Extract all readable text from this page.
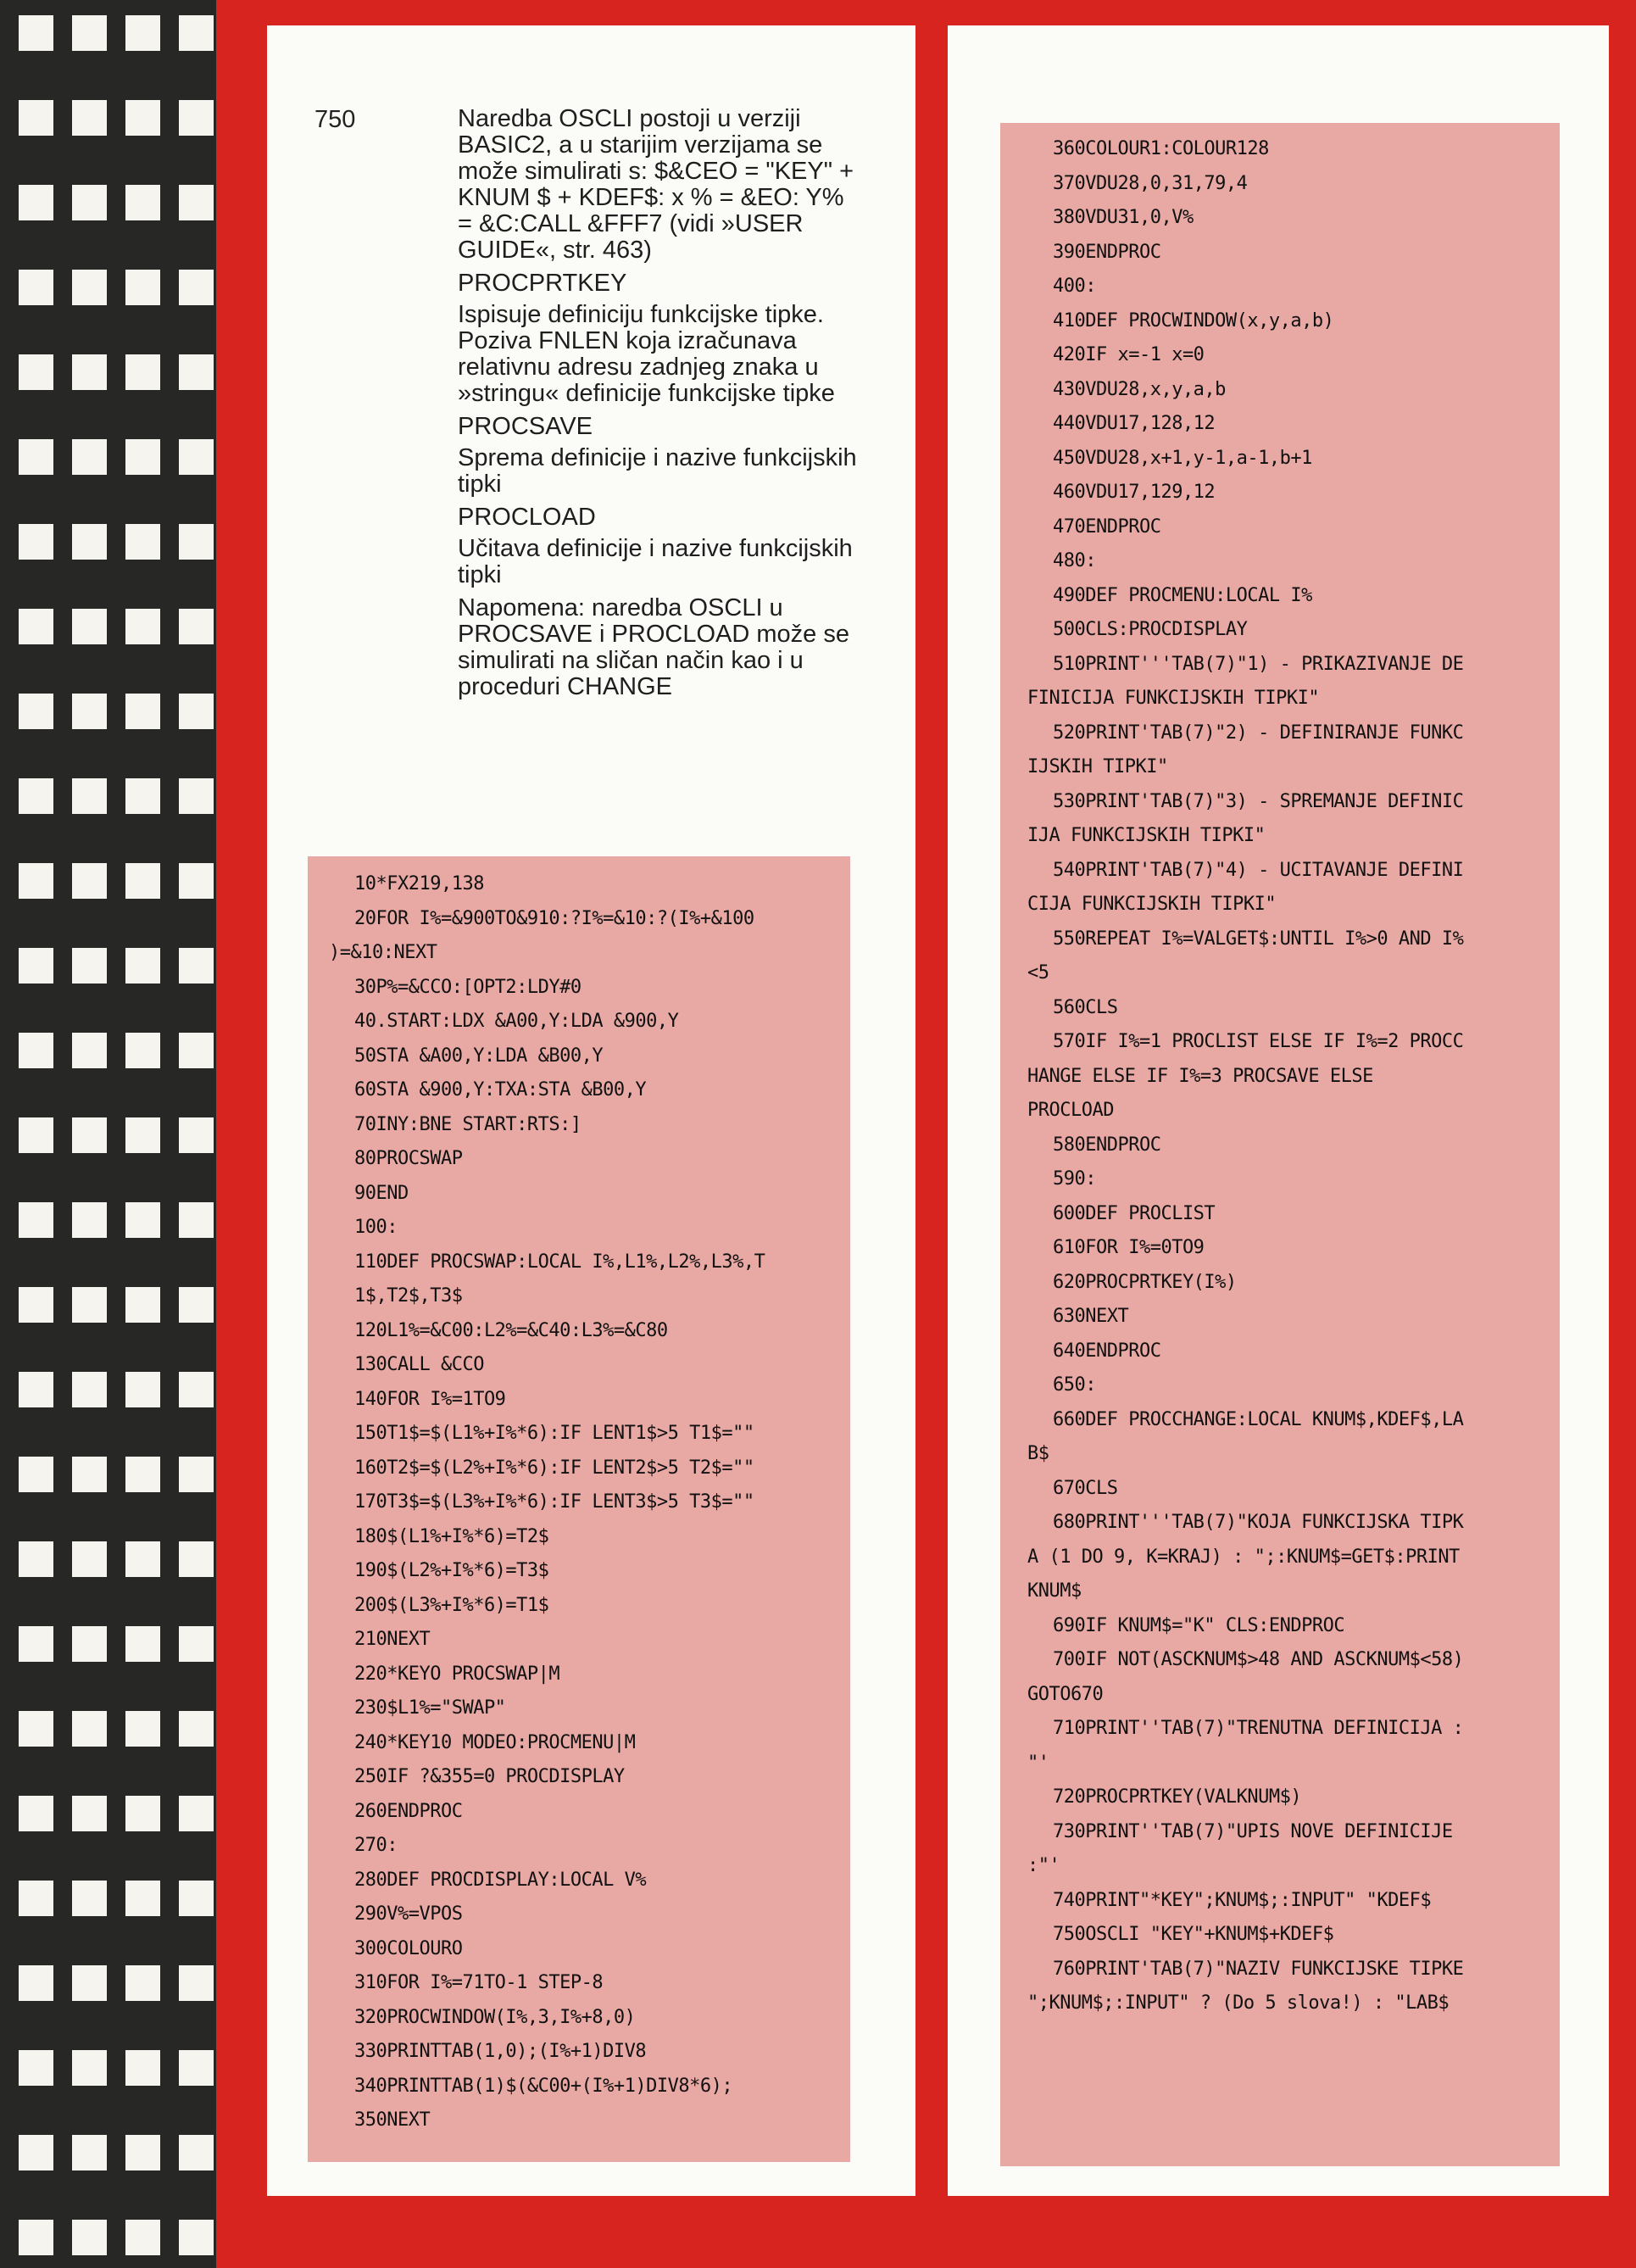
750	Naredba OSCLI postoji u verziji BASIC2, a u starijim verzijama se može simulirati s: $&CEO = "KEY" + KNUM $ + KDEF$: x % = &EO: Y% = &C:CALL &FFF7 (vidi »USER GUIDE«, str. 463)

PROCPRTKEY

Ispisuje definiciju funkcijske tipke. Poziva FNLEN koja izračunava relativnu adresu zadnjeg znaka u »stringu« definicije funkcijske tipke

PROCSAVE

Sprema definicije i nazive funkcijskih tipki

PROCLOAD

Učitava definicije i nazive funkcijskih tipki

Napomena: naredba OSCLI u PROCSAVE i PROCLOAD može se simulirati na sličan način kao i u proceduri CHANGE

10*FX219,138
20FOR I%=&900TO&910:?I%=&10:?(I%+&100
)=&10:NEXT
30P%=&CCO:[OPT2:LDY#0
40.START:LDX &A00,Y:LDA &900,Y
50STA &A00,Y:LDA &B00,Y
60STA &900,Y:TXA:STA &B00,Y
70INY:BNE START:RTS:]
80PROCSWAP
90END
100:
110DEF PROCSWAP:LOCAL I%,L1%,L2%,L3%,T
1$,T2$,T3$
120L1%=&C00:L2%=&C40:L3%=&C80
130CALL &CCO
140FOR I%=1TO9
150T1$=$(L1%+I%*6):IF LENT1$>5 T1$=""
160T2$=$(L2%+I%*6):IF LENT2$>5 T2$=""
170T3$=$(L3%+I%*6):IF LENT3$>5 T3$=""
180$(L1%+I%*6)=T2$
190$(L2%+I%*6)=T3$
200$(L3%+I%*6)=T1$
210NEXT
220*KEYO PROCSWAP|M
230$L1%="SWAP"
240*KEY10 MODEO:PROCMENU|M
250IF ?&355=0 PROCDISPLAY
260ENDPROC
270:
280DEF PROCDISPLAY:LOCAL V%
290V%=VPOS
300COLOURO
310FOR I%=71TO-1 STEP-8
320PROCWINDOW(I%,3,I%+8,0)
330PRINTTAB(1,0);(I%+1)DIV8
340PRINTTAB(1)$(&C00+(I%+1)DIV8*6);
350NEXT
360COLOUR1:COLOUR128
370VDU28,0,31,79,4
380VDU31,0,V%
390ENDPROC
400:
410DEF PROCWINDOW(x,y,a,b)
420IF x=-1 x=0
430VDU28,x,y,a,b
440VDU17,128,12
450VDU28,x+1,y-1,a-1,b+1
460VDU17,129,12
470ENDPROC
480:
490DEF PROCMENU:LOCAL I%
500CLS:PROCDISPLAY
510PRINT'''TAB(7)"1) - PRIKAZIVANJE DE
FINICIJA FUNKCIJSKIH TIPKI"
520PRINT'TAB(7)"2) - DEFINIRANJE FUNKC
IJSKIH TIPKI"
530PRINT'TAB(7)"3) - SPREMANJE DEFINIC
IJA FUNKCIJSKIH TIPKI"
540PRINT'TAB(7)"4) - UCITAVANJE DEFINI
CIJA FUNKCIJSKIH TIPKI"
550REPEAT I%=VALGET$:UNTIL I%>0 AND I%
<5
560CLS
570IF I%=1 PROCLIST ELSE IF I%=2 PROCC
HANGE ELSE IF I%=3 PROCSAVE ELSE
PROCLOAD
580ENDPROC
590:
600DEF PROCLIST
610FOR I%=0TO9
620PROCPRTKEY(I%)
630NEXT
640ENDPROC
650:
660DEF PROCCHANGE:LOCAL KNUM$,KDEF$,LA
B$
670CLS
680PRINT'''TAB(7)"KOJA FUNKCIJSKA TIPK
A (1 DO 9, K=KRAJ) : ";:KNUM$=GET$:PRINT
KNUM$
690IF KNUM$="K" CLS:ENDPROC
700IF NOT(ASCKNUM$>48 AND ASCKNUM$<58)
GOTO670
710PRINT''TAB(7)"TRENUTNA DEFINICIJA :
"'
720PROCPRTKEY(VALKNUM$)
730PRINT''TAB(7)"UPIS NOVE DEFINICIJE
:"'
740PRINT"*KEY";KNUM$;:INPUT" "KDEF$
750OSCLI "KEY"+KNUM$+KDEF$
760PRINT'TAB(7)"NAZIV FUNKCIJSKE TIPKE
";KNUM$;:INPUT" ? (Do 5 slova!) : "LAB$
